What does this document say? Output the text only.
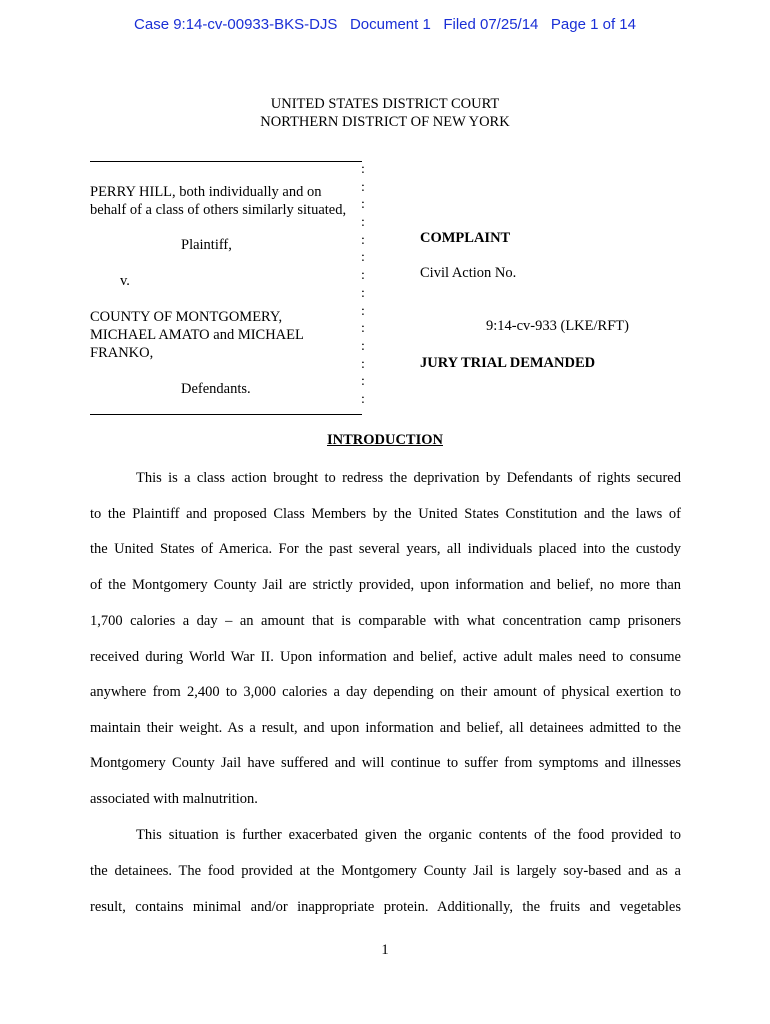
Case 9:14-cv-00933-BKS-DJS   Document 1   Filed 07/25/14   Page 1 of 14
UNITED STATES DISTRICT COURT
NORTHERN DISTRICT OF NEW YORK
:
:
:
:
:
:
:
:
:
:
:
:
:
:
PERRY HILL, both individually and on
behalf of a class of others similarly situated,
Plaintiff,
v.
COUNTY OF MONTGOMERY,
MICHAEL AMATO and MICHAEL
FRANKO,
Defendants.
COMPLAINT
Civil Action No.
9:14-cv-933 (LKE/RFT)
JURY TRIAL DEMANDED
INTRODUCTION
This is a class action brought to redress the deprivation by Defendants of rights secured
to the Plaintiff and proposed Class Members by the United States Constitution and the laws of
the United States of America. For the past several years, all individuals placed into the custody
of the Montgomery County Jail are strictly provided, upon information and belief, no more than
1,700 calories a day – an amount that is comparable with what concentration camp prisoners
received during World War II. Upon information and belief, active adult males need to consume
anywhere from 2,400 to 3,000 calories a day depending on their amount of physical exertion to
maintain their weight. As a result, and upon information and belief, all detainees admitted to the
Montgomery County Jail have suffered and will continue to suffer from symptoms and illnesses
associated with malnutrition.
This situation is further exacerbated given the organic contents of the food provided to
the detainees. The food provided at the Montgomery County Jail is largely soy-based and as a
result, contains minimal and/or inappropriate protein. Additionally, the fruits and vegetables
1
